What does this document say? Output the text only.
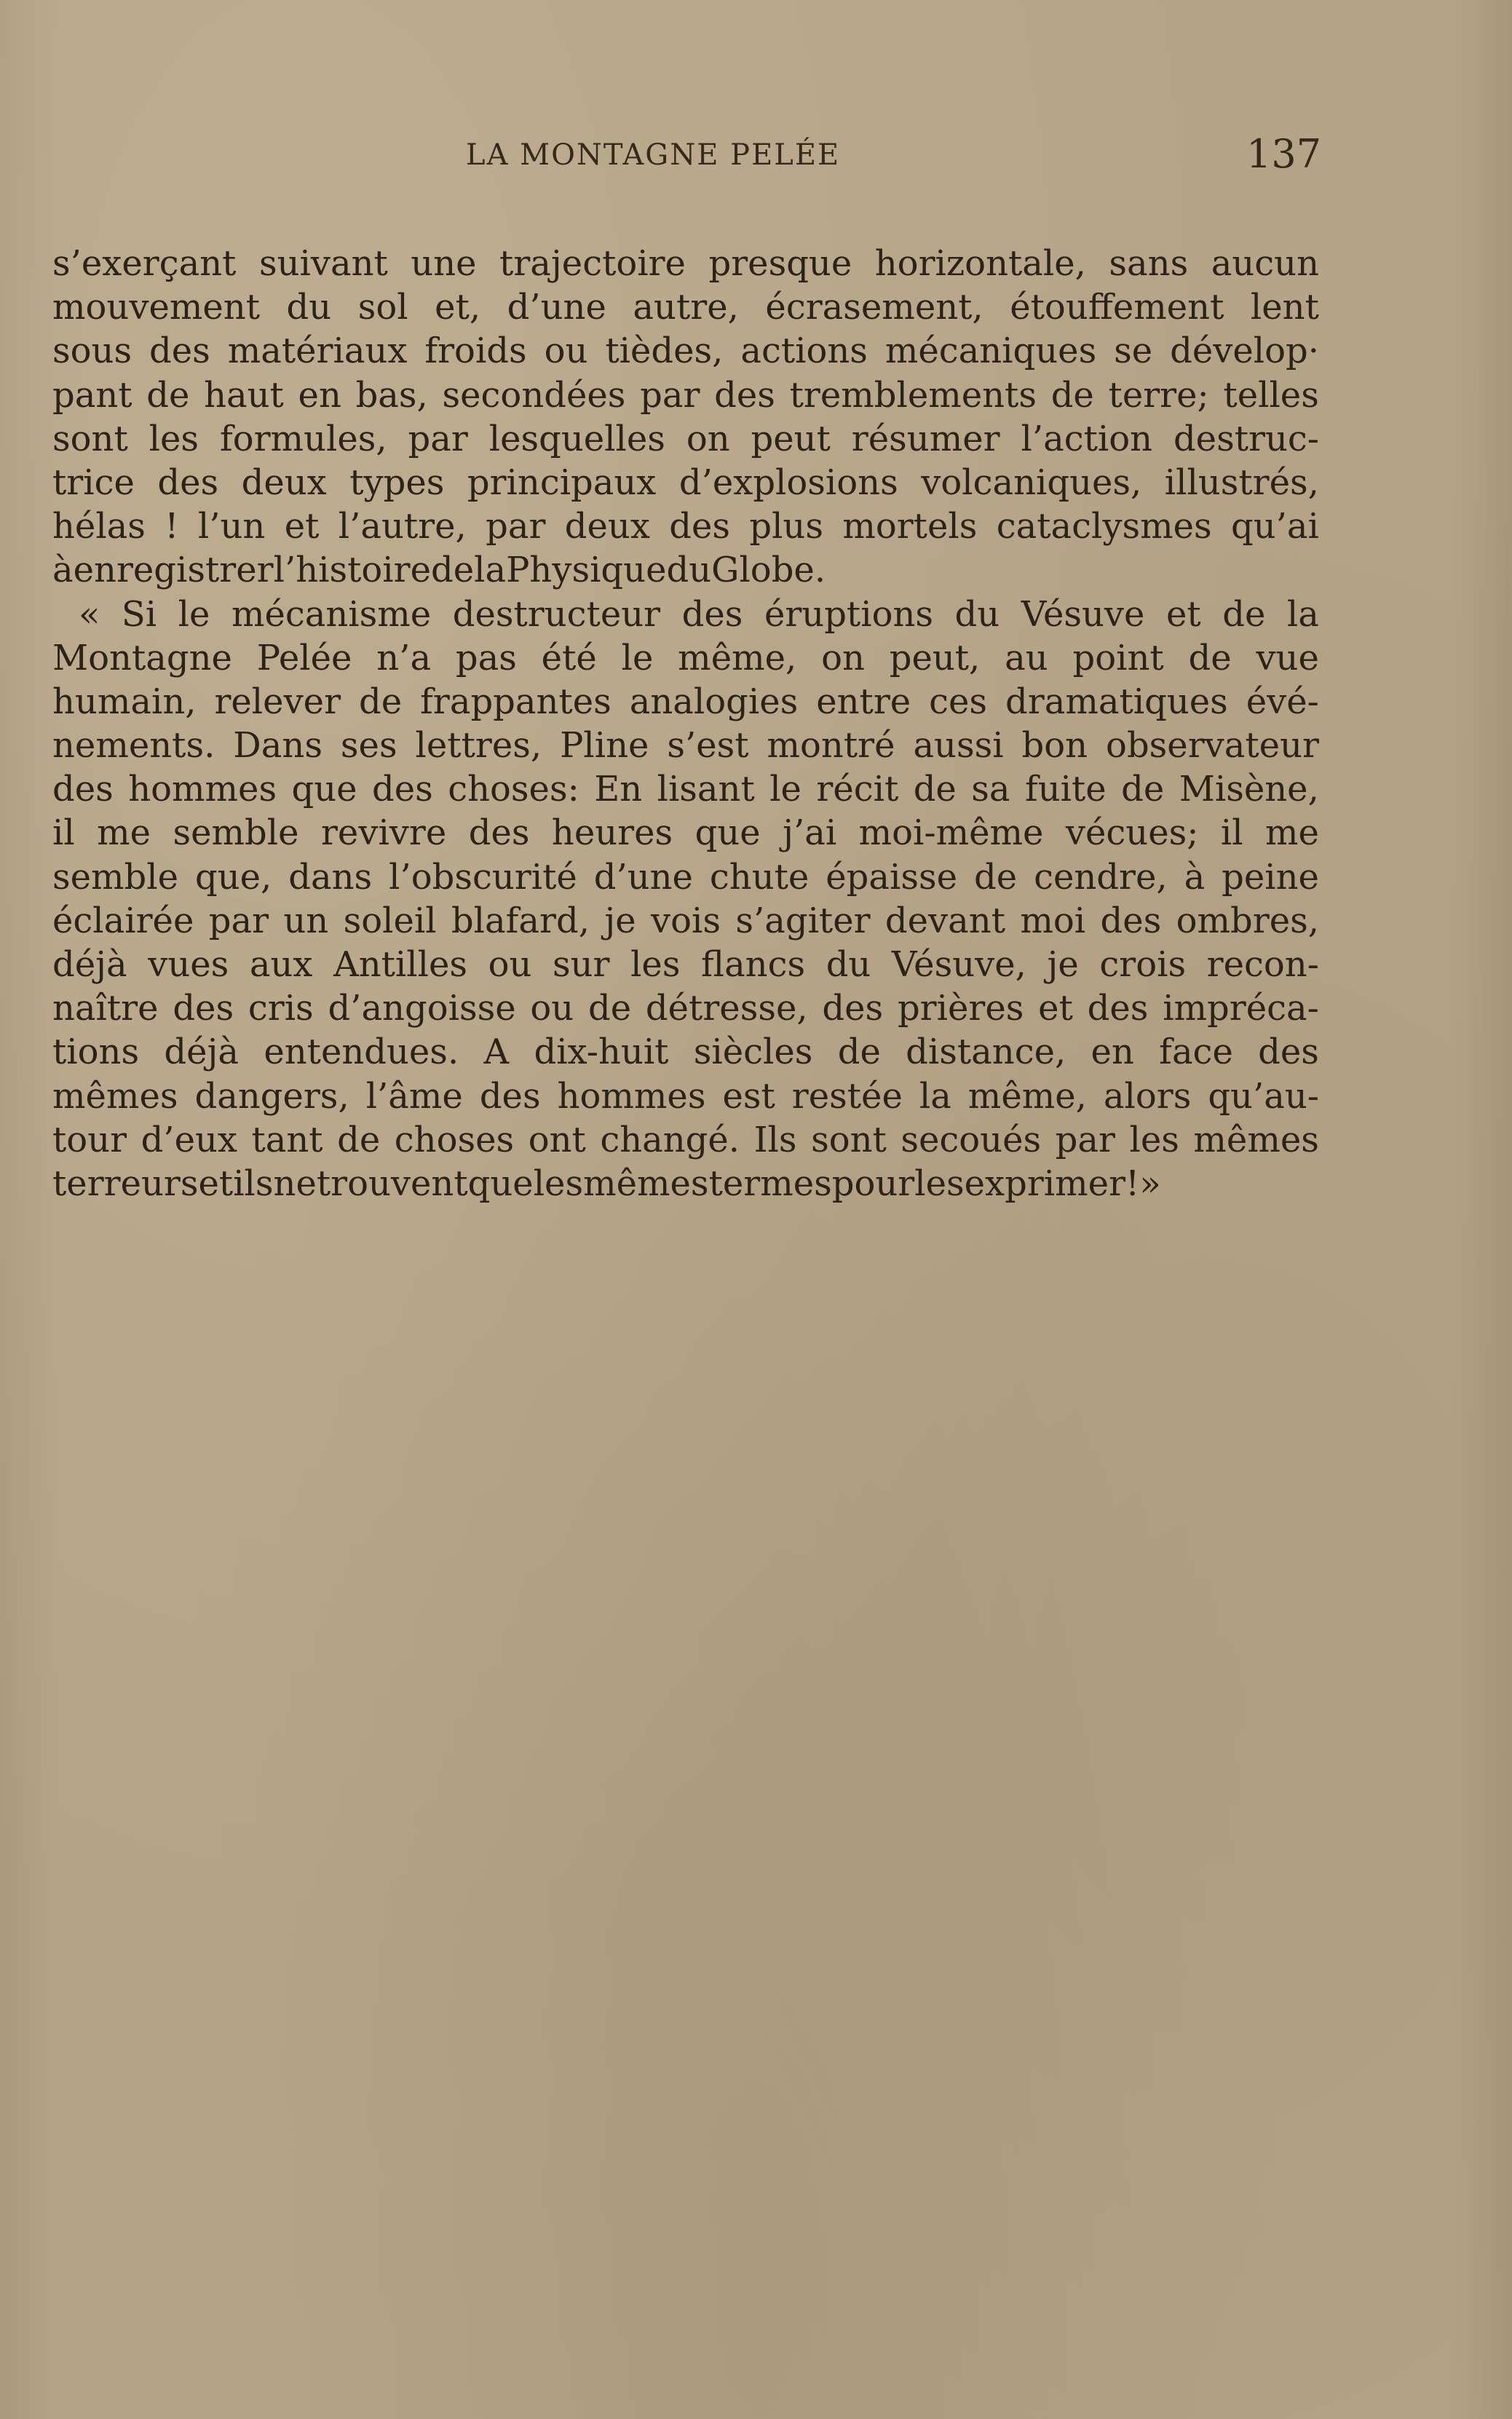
LA MONTAGNE PELÉE	137
s’exerçant suivant une trajectoire presque horizontale, sans aucun
mouvement du sol et, d’une autre, écrasement, étouffement lent
sous des matériaux froids ou tièdes, actions mécaniques se dévelop·
pant de haut en bas, secondées par des tremblements de terre; telles
sont les formules, par lesquelles on peut résumer l’action destruc-
trice des deux types principaux d’explosions volcaniques, illustrés,
hélas ! l’un et l’autre, par deux des plus mortels cataclysmes qu’ai
à enregistrer l’histoire de la Physique du Globe.
« Si le mécanisme destructeur des éruptions du Vésuve et de la
Montagne Pelée n’a pas été le même, on peut, au point de vue
humain, relever de frappantes analogies entre ces dramatiques évé-
nements. Dans ses lettres, Pline s’est montré aussi bon observateur
des hommes que des choses: En lisant le récit de sa fuite de Misène,
il me semble revivre des heures que j’ai moi-même vécues; il me
semble que, dans l’obscurité d’une chute épaisse de cendre, à peine
éclairée par un soleil blafard, je vois s’agiter devant moi des ombres,
déjà vues aux Antilles ou sur les flancs du Vésuve, je crois recon-
naître des cris d’angoisse ou de détresse, des prières et des impréca-
tions déjà entendues. A dix-huit siècles de distance, en face des
mêmes dangers, l’âme des hommes est restée la même, alors qu’au-
tour d’eux tant de choses ont changé. Ils sont secoués par les mêmes
terreurs et ils ne trouvent que les mêmes termes pour les exprimer ! »
